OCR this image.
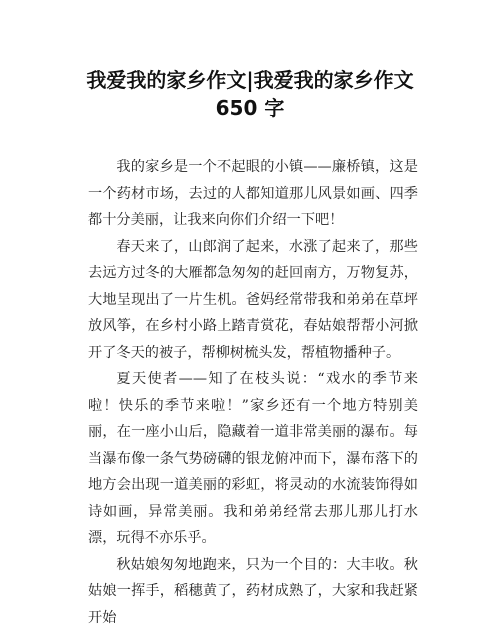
我爱我的家乡作文|我爱我的家乡作文
650 字

我的家乡是一个不起眼的小镇——廉桥镇，这是一个药材市场，去过的人都知道那儿风景如画、四季都十分美丽，让我来向你们介绍一下吧！

春天来了，山郎润了起来，水涨了起来了，那些去远方过冬的大雁都急匆匆的赶回南方，万物复苏，大地呈现出了一片生机。爸妈经常带我和弟弟在草坪放风筝，在乡村小路上踏青赏花，春姑娘帮帮小河掀开了冬天的被子，帮柳树梳头发，帮植物播种子。

夏天使者——知了在枝头说：“戏水的季节来啦！快乐的季节来啦！”家乡还有一个地方特别美丽，在一座小山后，隐藏着一道非常美丽的瀑布。每当瀑布像一条气势磅礴的银龙俯冲而下，瀑布落下的地方会出现一道美丽的彩虹，将灵动的水流装饰得如诗如画，异常美丽。我和弟弟经常去那儿那儿打水漂，玩得不亦乐乎。

秋姑娘匆匆地跑来，只为一个目的：大丰收。秋姑娘一挥手，稻穗黄了，药材成熟了，大家和我赶紧开始
